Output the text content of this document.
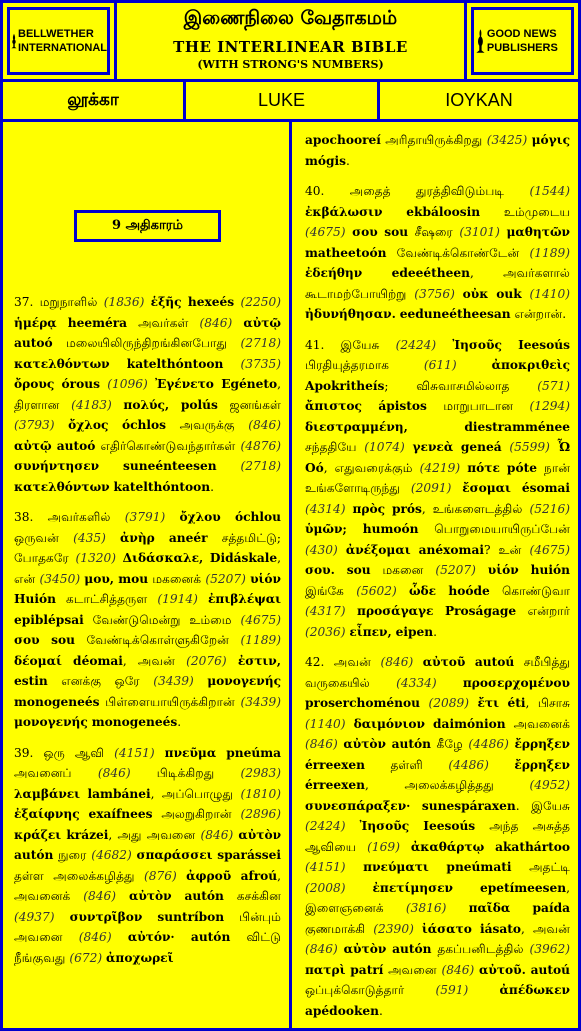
BELLWETHER INTERNATIONAL
இணைநிலை வேதாகமம்
THE INTERLINEAR BIBLE
(WITH STRONG'S NUMBERS)
GOOD NEWS PUBLISHERS
லூக்கா	LUKE	ΙΟΥΚΑΝ
9 அதிகாரம்

37. மறுநாளில் (1836) ἑξῆς hexeés (2250) ἡμέρᾳ heeméra அவர்கள் (846) αὐτῷ autoó மலையிலிருந்திறங்கினபோது (2718) κατελθόντων katelthóntoon (3735) ὄρους órous (1096) Ἐγένετο Egéneto, திரளான (4183) πολύς, polús ஜனங்கள் (3793) ὄχλος óchlos அவருக்கு (846) αὐτῷ autoó எதிர்கொண்டுவந்தார்கள் (4876) συνήντησεν suneénteesen (2718) κατελθόντων katelthóntoon.

38. அவர்களில் (3791) ὄχλου óchlou ஒருவன் (435) ἀνὴρ aneér சத்தமிட்டு; போதகரே (1320) Διδάσκαλε, Didáskale, என் (3450) μου, mou மகனைக் (5207) υἱόν Huión கடாட்சித்தருள (1914) ἐπιβλέψαι epiblépsai வேண்டுமென்று உம்மை (4675) σου sou வேண்டிக்கொள்ளுகிறேன் (1189) δέομαί déomai, அவன் (2076) ἐστιν, estin எனக்கு ஒரே (3439) μονογενής monogeneés பிள்ளையாயிருக்கிறான் (3439) μονογενής monogeneés.

39. ஒரு ஆவி (4151) πνεῦμα pneúma அவனைப் (846) பிடிக்கிறது (2983) λαμβάνει lambánei, அப்பொழுது (1810) ἐξαίφνης exaífnees அலறுகிறான் (2896) κράζει krázei, அது அவனை (846) αὐτὸν autón நுரை (4682) σπαράσσει sparássei தள்ள அலைக்கழித்து (876) ἀφροῦ afroú, அவனைக் (846) αὐτὸν autón கசக்கின (4937) συντρῖβον suntríbon பின்பும் அவனை (846) αὐτόν· autón விட்டு நீங்குவது (672) ἀποχωρεῖ

apochooreí அரிதாயிருக்கிறது (3425) μόγις mógis.

40. அதைத் துரத்திவிடும்படி (1544) ἐκβάλωσιν ekbáloosin உம்முடைய (4675) σου sou சீஷரை (3101) μαθητῶν matheetoón வேண்டிக்கொண்டேன் (1189) ἐδεήθην edeeétheen, அவர்களால் கூடாமற்போயிற்று (3756) οὐκ ouk (1410) ἠδυνήθησαν. eeduneétheesan என்றான்.

41. இயேசு (2424) Ἰησοῦς Ieesoús பிரதியுத்தரமாக (611)	ἀποκριθεὶς Apokritheís; விசுவாசமில்லாத (571) ἄπιστος ápistos மாறுபாடான (1294) διεστραμμένη,	diestramménee சந்ததியே (1074) γενεὰ geneá (5599) Ὦ Oó, எதுவரைக்கும் (4219) πότε póte நான் உங்களோடிருந்து (2091) ἔσομαι ésomai (4314) πρὸς prós, உங்களைடத்தில் (5216) ὑμῶν; humoón பொறுமையாயிருப்பேன் (430) ἀνέξομαι anéxomai? உன் (4675) σου. sou மகனை (5207) υἱόν huión இங்கே (5602) ὧδε hoóde கொண்டுவா (4317) προσάγαγε Proságage என்றார் (2036) εἶπεν, eipen.

42. அவன் (846) αὐτοῦ autoú சமீபித்து வருகையில் (4334) προσερχομένου proserchoménou (2089) ἔτι éti, பிசாசு (1140) δαιμόνιον daimónion அவனைக் (846) αὐτὸν autón கீழே (4486) ἔρρηξεν érreexen தள்ளி (4486) ἔρρηξεν érreexen, அலைக்கழித்தது (4952) συνεσπάραξεν· sunespáraxen. இயேசு (2424) Ἰησοῦς Ieesoús அந்த அசுத்த ஆவியை (169) ἀκαθάρτῳ akathártoo (4151) πνεύματι pneúmati அதட்டி (2008) ἐπετίμησεν epetímeesen, இளைஞனைக் (3816) παῖδα paída குணமாக்கி (2390) ἰάσατο iásato, அவன் (846) αὐτὸν autón தகப்பனிடத்தில் (3962) πατρὶ patrí அவனை (846) αὐτοῦ. autoú ஒப்புக்கொடுத்தார் (591)	ἀπέδωκεν apédooken.
